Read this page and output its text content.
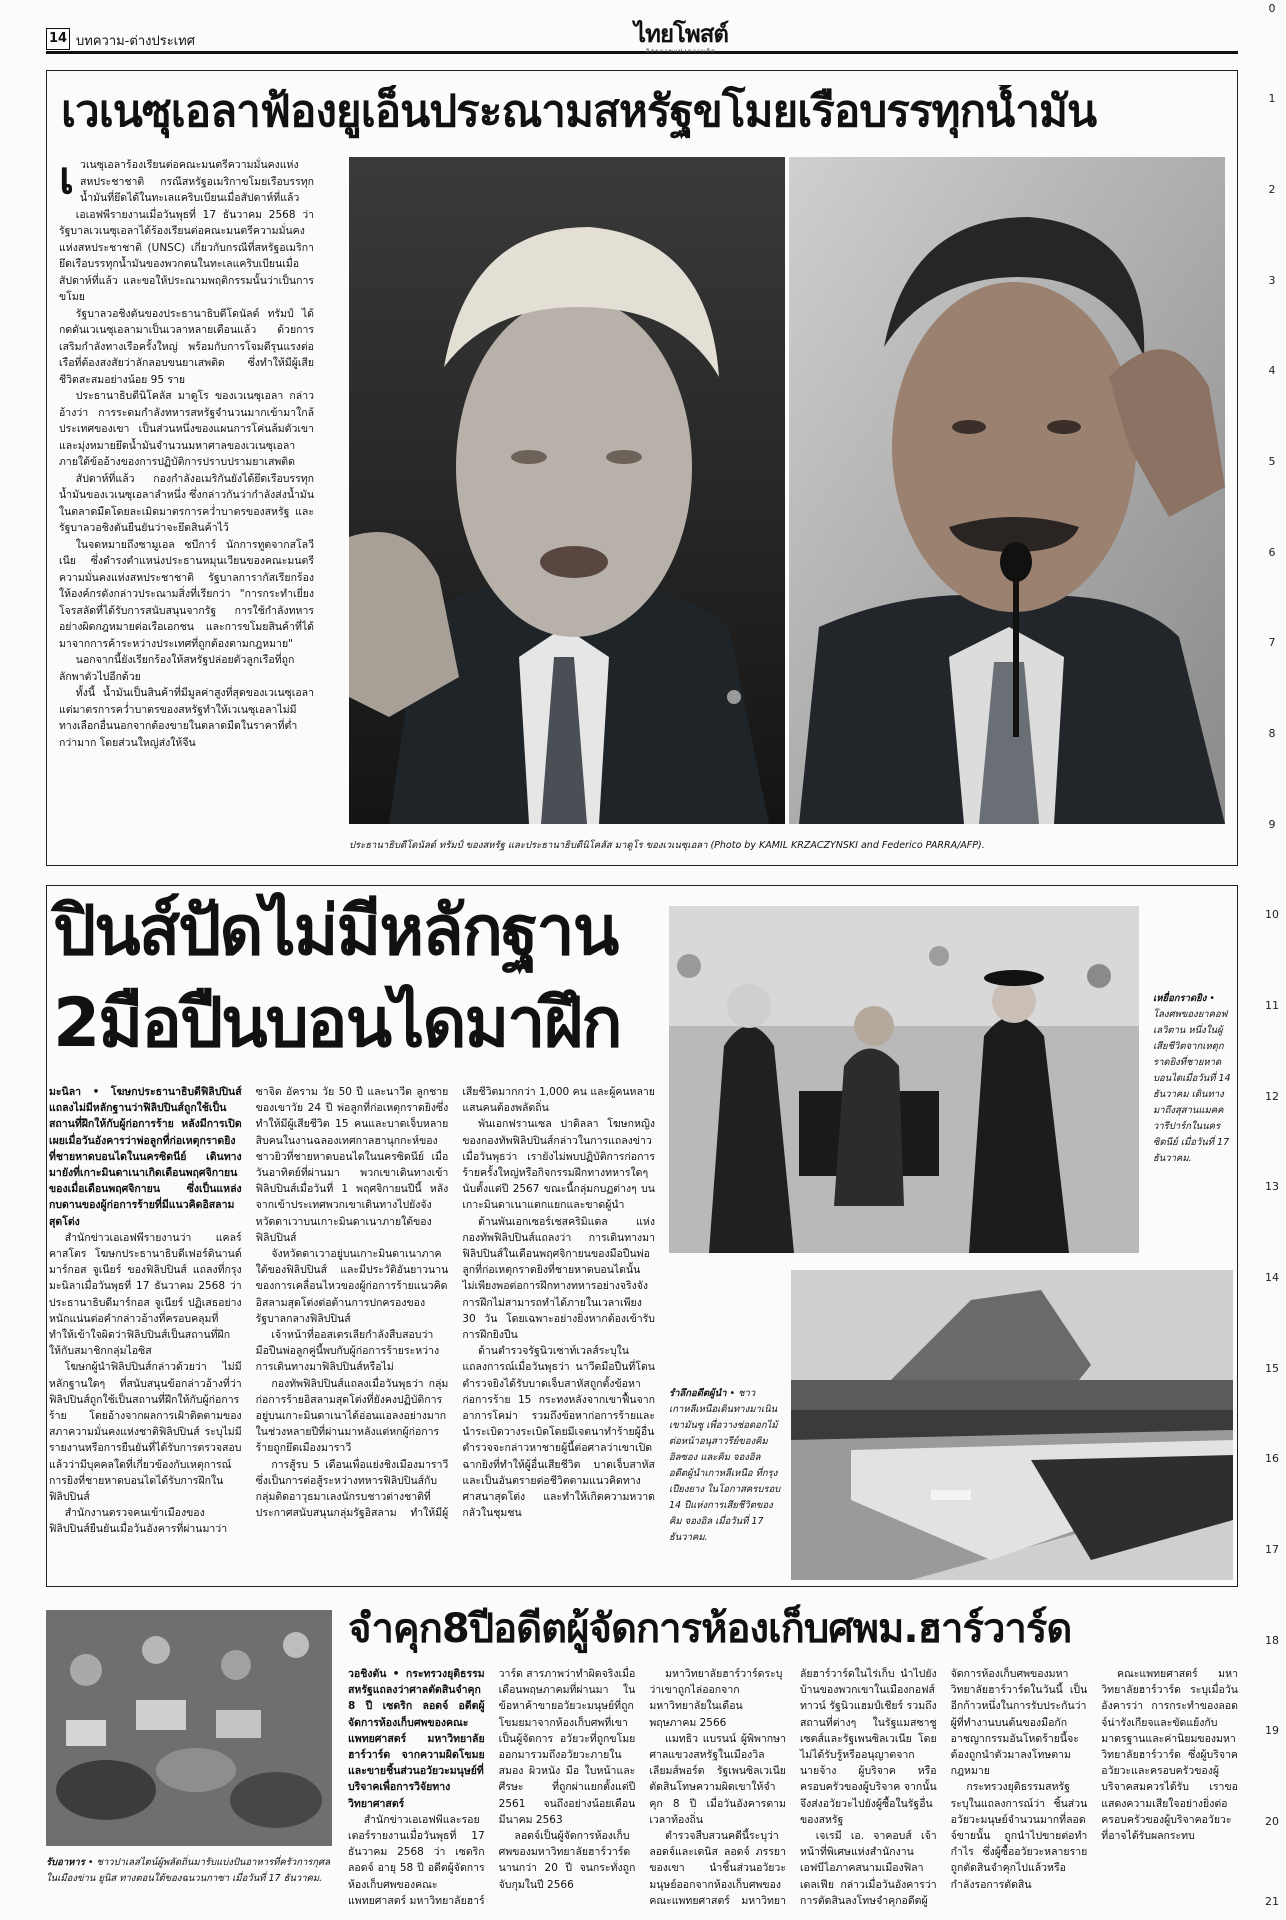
14 บทความ-ต่างประเทศ	ไทยโพสต์
อิสรภาพแห่งความคิด
0
1
2
3
4
5
6
7
8
9
10
11
12
13
14
15
16
17
18
19
20
21
เวเนซุเอลาฟ้องยูเอ็นประณามสหรัฐขโมยเรือบรรทุกน้ำมัน
เ วเนซุเอลาร้องเรียนต่อคณะมนตรีความมั่นคงแห่งสหประชาชาติ กรณีสหรัฐอเมริกาขโมยเรือบรรทุกน้ำมันที่ยึดได้ในทะเลแคริบเบียนเมื่อสัปดาห์ที่แล้ว

เอเอฟพีรายงานเมื่อวันพุธที่ 17 ธันวาคม 2568 ว่า รัฐบาลเวเนซุเอลาได้ร้องเรียนต่อคณะมนตรีความมั่นคงแห่งสหประชาชาติ (UNSC) เกี่ยวกับกรณีที่สหรัฐอเมริกายึดเรือบรรทุกน้ำมันของพวกตนในทะเลแคริบเบียนเมื่อสัปดาห์ที่แล้ว และขอให้ประณามพฤติกรรมนั้นว่าเป็นการขโมย

รัฐบาลวอชิงตันของประธานาธิบดีโดนัลด์ ทรัมป์ ได้กดดันเวเนซุเอลามาเป็นเวลาหลายเดือนแล้ว ด้วยการเสริมกำลังทางเรือครั้งใหญ่ พร้อมกับการโจมตีรุนแรงต่อเรือที่ต้องสงสัยว่าลักลอบขนยาเสพติด ซึ่งทำให้มีผู้เสียชีวิตสะสมอย่างน้อย 95 ราย

ประธานาธิบดีนิโคลัส มาดูโร ของเวเนซุเอลา กล่าวอ้างว่า การระดมกำลังทหารสหรัฐจำนวนมากเข้ามาใกล้ประเทศของเขา เป็นส่วนหนึ่งของแผนการโค่นล้มตัวเขา และมุ่งหมายยึดน้ำมันจำนวนมหาศาลของเวเนซุเอลา ภายใต้ข้ออ้างของการปฏิบัติการปราบปรามยาเสพติด

สัปดาห์ที่แล้ว กองกำลังอเมริกันยังได้ยึดเรือบรรทุกน้ำมันของเวเนซุเอลาลำหนึ่ง ซึ่งกล่าวกันว่ากำลังส่งน้ำมันในตลาดมืดโดยละเมิดมาตรการคว่ำบาตรของสหรัฐ และรัฐบาลวอชิงตันยืนยันว่าจะยึดสินค้าไว้

ในจดหมายถึงซามูเอล ซบีการ์ นักการทูตจากสโลวีเนีย ซึ่งดำรงตำแหน่งประธานหมุนเวียนของคณะมนตรีความมั่นคงแห่งสหประชาชาติ รัฐบาลการากัสเรียกร้องให้องค์กรดังกล่าวประณามสิ่งที่เรียกว่า "การกระทำเยี่ยงโจรสลัดที่ได้รับการสนับสนุนจากรัฐ การใช้กำลังทหารอย่างผิดกฎหมายต่อเรือเอกชน และการขโมยสินค้าที่ได้มาจากการค้าระหว่างประเทศที่ถูกต้องตามกฎหมาย"

นอกจากนี้ยังเรียกร้องให้สหรัฐปล่อยตัวลูกเรือที่ถูกลักพาตัวไปอีกด้วย

ทั้งนี้ น้ำมันเป็นสินค้าที่มีมูลค่าสูงที่สุดของเวเนซุเอลา แต่มาตรการคว่ำบาตรของสหรัฐทำให้เวเนซุเอลาไม่มีทางเลือกอื่นนอกจากต้องขายในตลาดมืดในราคาที่ต่ำกว่ามาก โดยส่วนใหญ่ส่งให้จีน

ประธานาธิบดีโดนัลด์ ทรัมป์ ของสหรัฐ และประธานาธิบดีนิโคลัส มาดูโร ของเวเนซุเอลา (Photo by KAMIL KRZACZYNSKI and Federico PARRA/AFP).
ปินส์ปัดไม่มีหลักฐาน
2มือปืนบอนไดมาฝึก

มะนิลา • โฆษกประธานาธิบดีฟิลิปปินส์แถลงไม่มีหลักฐานว่าฟิลิปปินส์ถูกใช้เป็นสถานที่ฝึกให้กับผู้ก่อการร้าย หลังมีการเปิดเผยเมื่อวันอังคารว่าพ่อลูกที่ก่อเหตุกราดยิงที่ชายหาดบอนไดในนครซิดนีย์ เดินทางมายังที่เกาะมินดาเนาเกิดเดือนพฤศจิกายนของเมื่อเดือนพฤศจิกายน ซึ่งเป็นแหล่งกบดานของผู้ก่อการร้ายที่มีแนวคิดอิสลามสุดโต่ง

สำนักข่าวเอเอฟพีรายงานว่า แคลร์ คาสโตร โฆษกประธานาธิบดีเฟอร์ดินานด์ มาร์กอส จูเนียร์ ของฟิลิปปินส์ แถลงที่กรุงมะนิลาเมื่อวันพุธที่ 17 ธันวาคม 2568 ว่า ประธานาธิบดีมาร์กอส จูเนียร์ ปฏิเสธอย่างหนักแน่นต่อคำกล่าวอ้างที่ครอบคลุมที่ทำให้เข้าใจผิดว่าฟิลิปปินส์เป็นสถานที่ฝึกให้กับสมาชิกกลุ่มไอซิส

โฆษกผู้นำฟิลิปปินส์กล่าวด้วยว่า ไม่มีหลักฐานใดๆ ที่สนับสนุนข้อกล่าวอ้างที่ว่าฟิลิปปินส์ถูกใช้เป็นสถานที่ฝึกให้กับผู้ก่อการร้าย โดยอ้างจากผลการเฝ้าติดตามของสภาความมั่นคงแห่งชาติฟิลิปปินส์ ระบุไม่มีรายงานหรือการยืนยันที่ได้รับการตรวจสอบแล้วว่ามีบุคคลใดที่เกี่ยวข้องกับเหตุการณ์การยิงที่ชายหาดบอนไดได้รับการฝึกในฟิลิปปินส์

สำนักงานตรวจคนเข้าเมืองของฟิลิปปินส์ยืนยันเมื่อวันอังคารที่ผ่านมาว่า ซาจิด อัคราม วัย 50 ปี และนาวีด ลูกชายของเขาวัย 24 ปี พ่อลูกที่ก่อเหตุกราดยิงซึ่งทำให้มีผู้เสียชีวิต 15 คนและบาดเจ็บหลายสิบคนในงานฉลองเทศกาลฮานุกกะห์ของชาวยิวที่ชายหาดบอนไดในนครซิดนีย์ เมื่อวันอาทิตย์ที่ผ่านมา พวกเขาเดินทางเข้าฟิลิปปินส์เมื่อวันที่ 1 พฤศจิกายนปีนี้ หลังจากเข้าประเทศพวกเขาเดินทางไปยังจังหวัดดาเวาบนเกาะมินดาเนาภายใต้ของฟิลิปปินส์

จังหวัดดาเวาอยู่บนเกาะมินดาเนาภาคใต้ของฟิลิปปินส์ และมีประวัติอันยาวนานของการเคลื่อนไหวของผู้ก่อการร้ายแนวคิดอิสลามสุดโต่งต่อต้านการปกครองของรัฐบาลกลางฟิลิปปินส์

เจ้าหน้าที่ออสเตรเลียกำลังสืบสอบว่ามือปืนพ่อลูกคู่นี้พบกับผู้ก่อการร้ายระหว่างการเดินทางมาฟิลิปปินส์หรือไม่

กองทัพฟิลิปปินส์แถลงเมื่อวันพุธว่า กลุ่มก่อการร้ายอิสลามสุดโต่งที่ยังคงปฏิบัติการอยู่บนเกาะมินดาเนาได้อ่อนแอลงอย่างมากในช่วงหลายปีที่ผ่านมาหลังแต่หกผู้ก่อการร้ายถูกยึดเมืองมาราวี

การสู้รบ 5 เดือนเพื่อแย่งชิงเมืองมาราวีซึ่งเป็นการต่อสู้ระหว่างทหารฟิลิปปินส์กับกลุ่มติดอาวุธมาเลงนักรบชาวต่างชาติที่ประกาศสนับสนุนกลุ่มรัฐอิสลาม ทำให้มีผู้เสียชีวิตมากกว่า 1,000 คน และผู้คนหลายแสนคนต้องพลัดถิ่น

พันเอกฟรานเซล ปาดิลลา โฆษกหญิงของกองทัพฟิลิปปินส์กล่าวในการแถลงข่าวเมื่อวันพุธว่า เรายังไม่พบปฏิบัติการก่อการร้ายครั้งใหญ่หรือกิจกรรมฝึกทางทหารใดๆ นับตั้งแต่ปี 2567 ขณะนี้กลุ่มกบฏต่างๆ บนเกาะมินดาเนาแตกแยกและขาดผู้นำ

ด้านพันเอกเซอร์เชสคริมิแดล แห่งกองทัพฟิลิปปินส์แถลงว่า การเดินทางมาฟิลิปปินส์ในเดือนพฤศจิกายนของมือปืนพ่อลูกที่ก่อเหตุกราดยิงที่ชายหาดบอนไดนั้น ไม่เพียงพอต่อการฝึกทางทหารอย่างจริงจัง การฝึกไม่สามารถทำได้ภายในเวลาเพียง 30 วัน โดยเฉพาะอย่างยิ่งหากต้องเข้ารับการฝึกยิงปืน

ด้านตำรวจรัฐนิวเซาท์เวลส์ระบุในแถลงการณ์เมื่อวันพุธว่า นาวีดมือปืนที่โดนตำรวจยิงได้รับบาดเจ็บสาหัสถูกตั้งข้อหาก่อการร้าย 15 กระทงหลังจากเขาฟื้นจากอาการโคม่า รวมถึงข้อหาก่อการร้ายและนำระเบิดวางระเบิดโดยมีเจตนาทำร้ายผู้อื่น ตำรวจจะกล่าวหาชายผู้นี้ต่อศาลว่าเขาเปิดฉากยิงที่ทำให้ผู้อื่นเสียชีวิต บาดเจ็บสาหัส และเป็นอันตรายต่อชีวิตตามแนวคิดทางศาสนาสุดโต่ง และทำให้เกิดความหวาดกลัวในชุมชน

เหยื่อกราดยิง • โลงศพของยาคอฟ เลวิตาน หนึ่งในผู้เสียชีวิตจากเหตุกราดยิงที่ชายหาดบอนไดเมื่อวันที่ 14 ธันวาคม เดินทางมาถึงสุสานแมคควารีปาร์กในนครซิดนีย์ เมื่อวันที่ 17 ธันวาคม.
รำลึกอดีตผู้นำ • ชาวเกาหลีเหนือเดินทางมาเนินเขามันซู เพื่อวางช่อดอกไม้ต่อหน้าอนุสาวรีย์ของคิม อิลซอง และคิม จองอิล อดีตผู้นำเกาหลีเหนือ ที่กรุงเปียงยาง ในโอกาสครบรอบ 14 ปีแห่งการเสียชีวิตของคิม จองอิล เมื่อวันที่ 17 ธันวาคม.
รับอาหาร • ชาวปาเลสไตน์ผู้พลัดถิ่นมารับแบ่งปันอาหารที่ครัวการกุศลในเมืองข่าน ยูนิส ทางตอนใต้ของฉนวนกาซา เมื่อวันที่ 17 ธันวาคม.
จำคุก8ปีอดีตผู้จัดการห้องเก็บศพม.ฮาร์วาร์ด

วอชิงตัน • กระทรวงยุติธรรมสหรัฐแถลงว่าศาลตัดสินจำคุก 8 ปี เซดริก ลอดจ์ อดีตผู้จัดการห้องเก็บศพของคณะแพทยศาสตร์ มหาวิทยาลัยฮาร์วาร์ด จากความผิดโขมยและขายชิ้นส่วนอวัยวะมนุษย์ที่บริจาคเพื่อการวิจัยทางวิทยาศาสตร์

สำนักข่าวเอเอฟพีและรอยเตอร์รายงานเมื่อวันพุธที่ 17 ธันวาคม 2568 ว่า เซดริก ลอดจ์ อายุ 58 ปี อดีตผู้จัดการห้องเก็บศพของคณะแพทยศาสตร์ มหาวิทยาลัยฮาร์วาร์ด สารภาพว่าทำผิดจริงเมื่อเดือนพฤษภาคมที่ผ่านมา ในข้อหาค้าขายอวัยวะมนุษย์ที่ถูกโขมยมาจากห้องเก็บศพที่เขาเป็นผู้จัดการ อวัยวะที่ถูกขโมยออกมารวมถึงอวัยวะภายใน สมอง ผิวหนัง มือ ใบหน้าและศีรษะ ที่ถูกผ่าแยกตั้งแต่ปี 2561 จนถึงอย่างน้อยเดือนมีนาคม 2563

ลอดจ์เป็นผู้จัดการห้องเก็บศพของมหาวิทยาลัยฮาร์วาร์ดนานกว่า 20 ปี จนกระทั่งถูกจับกุมในปี 2566

มหาวิทยาลัยฮาร์วาร์ดระบุว่าเขาถูกไล่ออกจากมหาวิทยาลัยในเดือนพฤษภาคม 2566

แมทธิว แบรนน์ ผู้พิพากษาศาลแขวงสหรัฐในเมืองวิลเลียมส์พอร์ต รัฐเพนซิลเวเนีย ตัดสินโทษความผิดเขาให้จำคุก 8 ปี เมื่อวันอังคารตามเวลาท้องถิ่น

ตำรวจสืบสวนคดีนี้ระบุว่า ลอดจ์และเดนิส ลอดจ์ ภรรยาของเขา นำชิ้นส่วนอวัยวะมนุษย์ออกจากห้องเก็บศพของคณะแพทยศาสตร์ มหาวิทยาลัยฮาร์วาร์ดในไร่เก็บ นำไปยังบ้านของพวกเขาในเมืองกอฟส์ทาวน์ รัฐนิวแฮมป์เชียร์ รวมถึงสถานที่ต่างๆ ในรัฐแมสซาชูเซตส์และรัฐเพนซิลเวเนีย โดยไม่ได้รับรู้หรืออนุญาตจากนายจ้าง ผู้บริจาค หรือครอบครัวของผู้บริจาค จากนั้นจึงส่งอวัยวะไปยังผู้ซื้อในรัฐอื่นของสหรัฐ

เจเรมี เอ. จาคอบส์ เจ้าหน้าที่พิเศษแห่งสำนักงานเอฟบีไอภาคสนามเมืองฟิลาเดลเฟีย กล่าวเมื่อวันอังคารว่า การตัดสินลงโทษจำคุกอดีตผู้จัดการห้องเก็บศพของมหาวิทยาลัยฮาร์วาร์ดในวันนี้ เป็นอีกก้าวหนึ่งในการรับประกันว่าผู้ที่ทำงานบนต้นของมือกักอาชญากรรมอันโหดร้ายนี้จะต้องถูกนำตัวมาลงโทษตามกฎหมาย

กระทรวงยุติธรรมสหรัฐระบุในแถลงการณ์ว่า ชิ้นส่วนอวัยวะมนุษย์จำนวนมากที่ลอดจ์ขายนั้น ถูกนำไปขายต่อทำกำไร ซึ่งผู้ซื้ออวัยวะหลายรายถูกตัดสินจำคุกไปแล้วหรือกำลังรอการตัดสิน

คณะแพทยศาสตร์ มหาวิทยาลัยฮาร์วาร์ด ระบุเมื่อวันอังคารว่า การกระทำของลอดจ์น่ารังเกียจและขัดแย้งกับมาตรฐานและค่านิยมของมหาวิทยาลัยฮาร์วาร์ด ซึ่งผู้บริจาคอวัยวะและครอบครัวของผู้บริจาคสมควรได้รับ เราขอแสดงความเสียใจอย่างยิ่งต่อครอบครัวของผู้บริจาคอวัยวะที่อาจได้รับผลกระทบ
